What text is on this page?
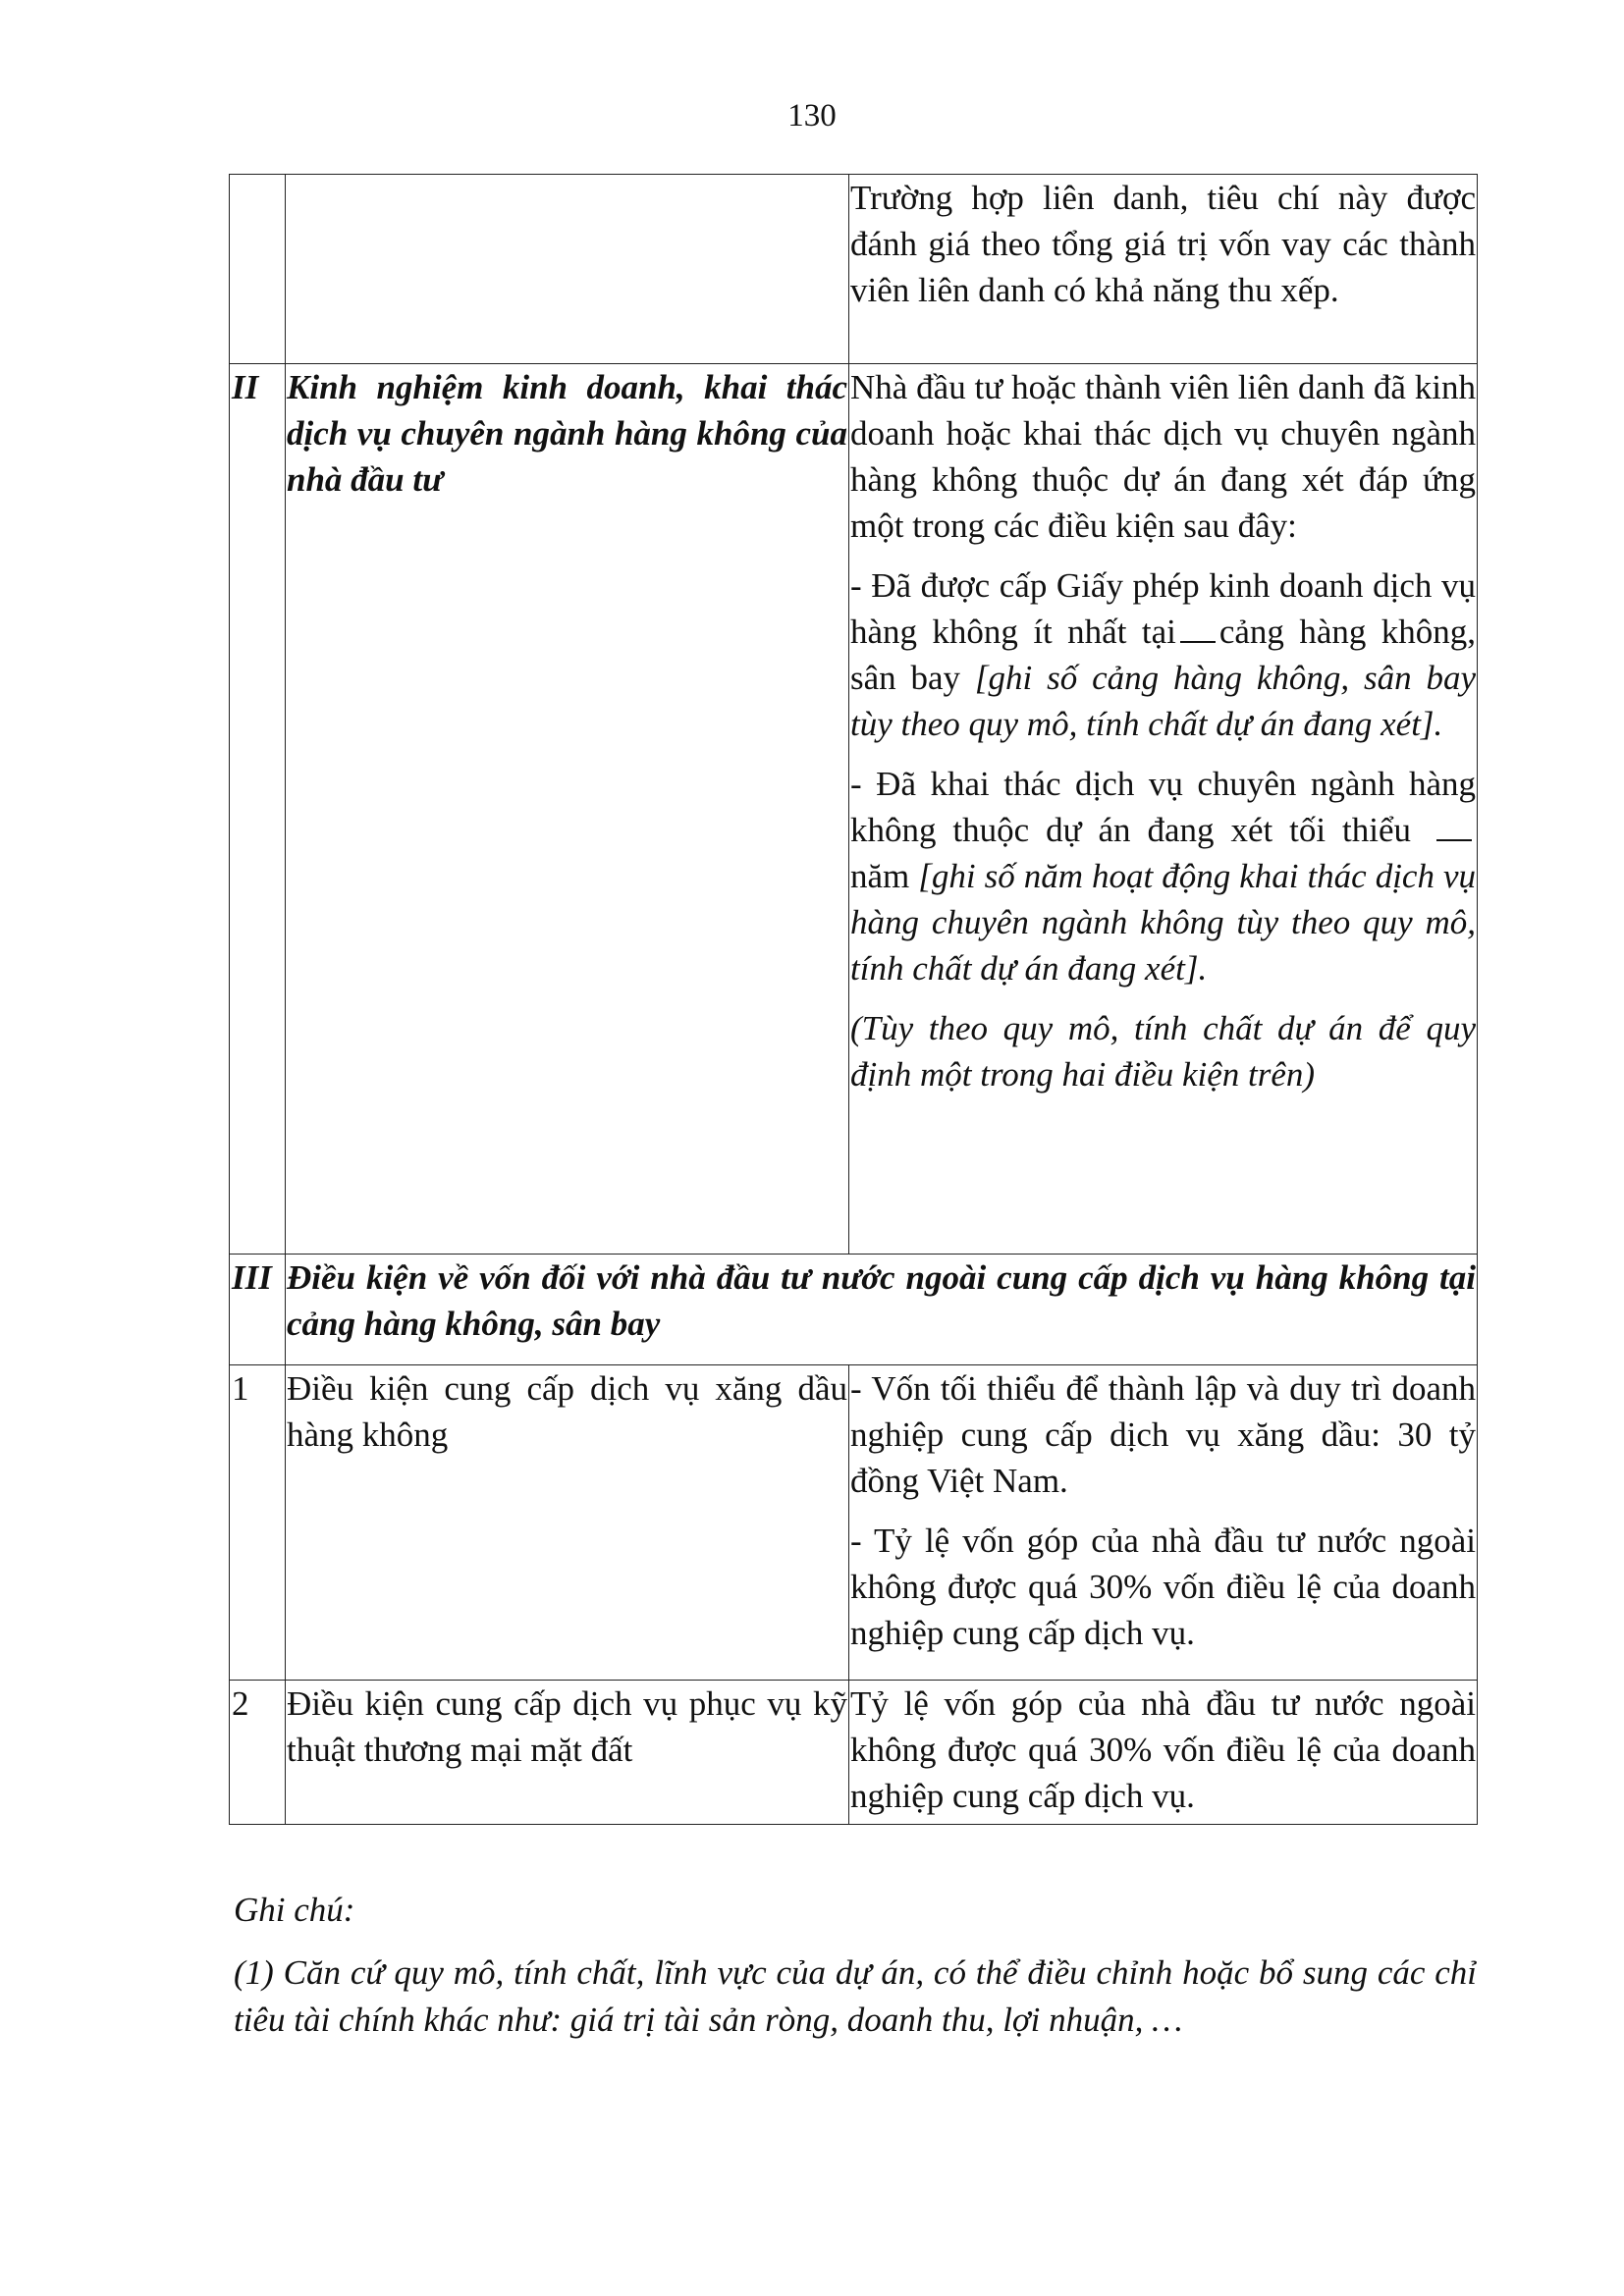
130

		Trường hợp liên danh, tiêu chí này được đánh giá theo tổng giá trị vốn vay các thành viên liên danh có khả năng thu xếp.

II	Kinh nghiệm kinh doanh, khai thác dịch vụ chuyên ngành hàng không của nhà đầu tư	Nhà đầu tư hoặc thành viên liên danh đã kinh doanh hoặc khai thác dịch vụ chuyên ngành hàng không thuộc dự án đang xét đáp ứng một trong các điều kiện sau đây:

- Đã được cấp Giấy phép kinh doanh dịch vụ hàng không ít nhất tại cảng hàng không, sân bay [ghi số cảng hàng không, sân bay tùy theo quy mô, tính chất dự án đang xét].

- Đã khai thác dịch vụ chuyên ngành hàng không thuộc dự án đang xét tối thiểunăm [ghi số năm hoạt động khai thác dịch vụ hàng chuyên ngành không tùy theo quy mô, tính chất dự án đang xét].

(Tùy theo quy mô, tính chất dự án để quy định một trong hai điều kiện trên)

III	Điều kiện về vốn đối với nhà đầu tư nước ngoài cung cấp dịch vụ hàng không tại cảng hàng không, sân bay	
1	Điều kiện cung cấp dịch vụ xăng dầu hàng không	- Vốn tối thiểu để thành lập và duy trì doanh nghiệp cung cấp dịch vụ xăng dầu: 30 tỷ đồng Việt Nam.

- Tỷ lệ vốn góp của nhà đầu tư nước ngoài không được quá 30% vốn điều lệ của doanh nghiệp cung cấp dịch vụ.

2	Điều kiện cung cấp dịch vụ phục vụ kỹ thuật thương mại mặt đất	Tỷ lệ vốn góp của nhà đầu tư nước ngoài không được quá 30% vốn điều lệ của doanh nghiệp cung cấp dịch vụ.

Ghi chú:

(1) Căn cứ quy mô, tính chất, lĩnh vực của dự án, có thể điều chỉnh hoặc bổ sung các chỉ tiêu tài chính khác như: giá trị tài sản ròng, doanh thu, lợi nhuận, …
